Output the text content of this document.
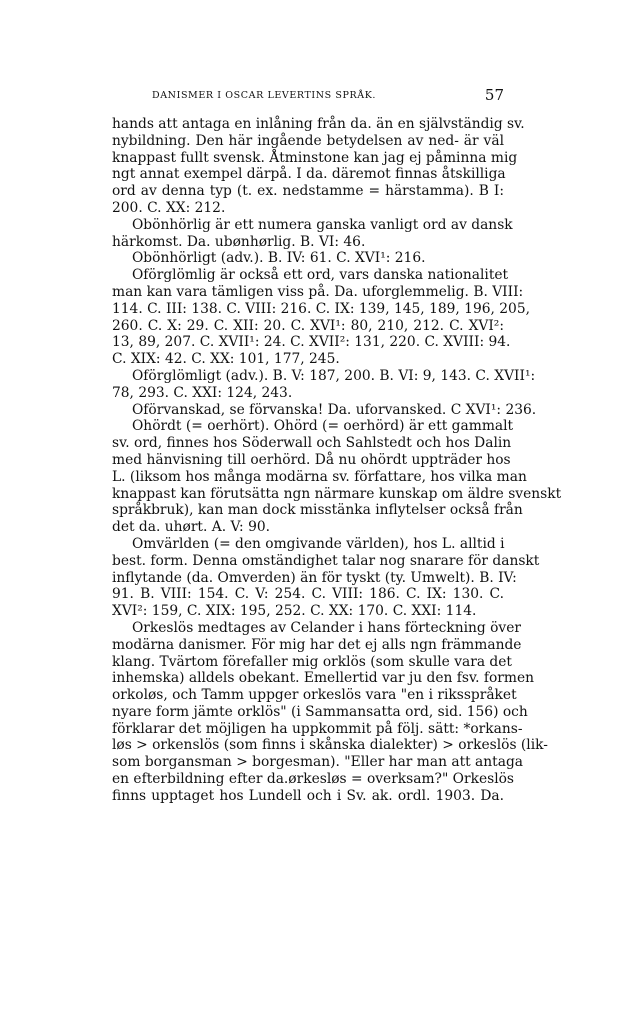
DANISMER I OSCAR LEVERTINS SPRÅK.	57
hands att antaga en inlåning från da. än en självständig sv.
nybildning. Den här ingående betydelsen av ned- är väl
knappast fullt svensk. Åtminstone kan jag ej påminna mig
ngt annat exempel därpå. I da. däremot finnas åtskilliga
ord av denna typ (t. ex. nedstamme = härstamma). B I:
200. C. XX: 212.
Obönhörlig är ett numera ganska vanligt ord av dansk
härkomst. Da. ubønhørlig. B. VI: 46.
Obönhörligt (adv.). B. IV: 61. C. XVI¹: 216.
Oförglömlig är också ett ord, vars danska nationalitet
man kan vara tämligen viss på. Da. uforglemmelig. B. VIII:
114. C. III: 138. C. VIII: 216. C. IX: 139, 145, 189, 196, 205,
260. C. X: 29. C. XII: 20. C. XVI¹: 80, 210, 212. C. XVI²:
13, 89, 207. C. XVII¹: 24. C. XVII²: 131, 220. C. XVIII: 94.
C. XIX: 42. C. XX: 101, 177, 245.
Oförglömligt (adv.). B. V: 187, 200. B. VI: 9, 143. C. XVII¹:
78, 293. C. XXI: 124, 243.
Oförvanskad, se förvanska! Da. uforvansked. C XVI¹: 236.
Ohördt (= oerhört). Ohörd (= oerhörd) är ett gammalt
sv. ord, finnes hos Söderwall och Sahlstedt och hos Dalin
med hänvisning till oerhörd. Då nu ohördt uppträder hos
L. (liksom hos många modärna sv. författare, hos vilka man
knappast kan förutsätta ngn närmare kunskap om äldre svenskt
språkbruk), kan man dock misstänka inflytelser också från
det da. uhørt. A. V: 90.
Omvärlden (= den omgivande världen), hos L. alltid i
best. form. Denna omständighet talar nog snarare för danskt
inflytande (da. Omverden) än för tyskt (ty. Umwelt). B. IV:
91. B. VIII: 154. C. V: 254. C. VIII: 186. C. IX: 130. C.
XVI²: 159, C. XIX: 195, 252. C. XX: 170. C. XXI: 114.
Orkeslös medtages av Celander i hans förteckning över
modärna danismer. För mig har det ej alls ngn främmande
klang. Tvärtom förefaller mig orklös (som skulle vara det
inhemska) alldels obekant. Emellertid var ju den fsv. formen
orkoløs, och Tamm uppger orkeslös vara "en i riksspråket
nyare form jämte orklös" (i Sammansatta ord, sid. 156) och
förklarar det möjligen ha uppkommit på följ. sätt: *orkans-
løs > orkenslös (som finns i skånska dialekter) > orkeslös (lik-
som borgansman > borgesman). "Eller har man att antaga
en efterbildning efter da.ørkesløs = overksam?" Orkeslös
finns upptaget hos Lundell och i Sv. ak. ordl. 1903. Da.
